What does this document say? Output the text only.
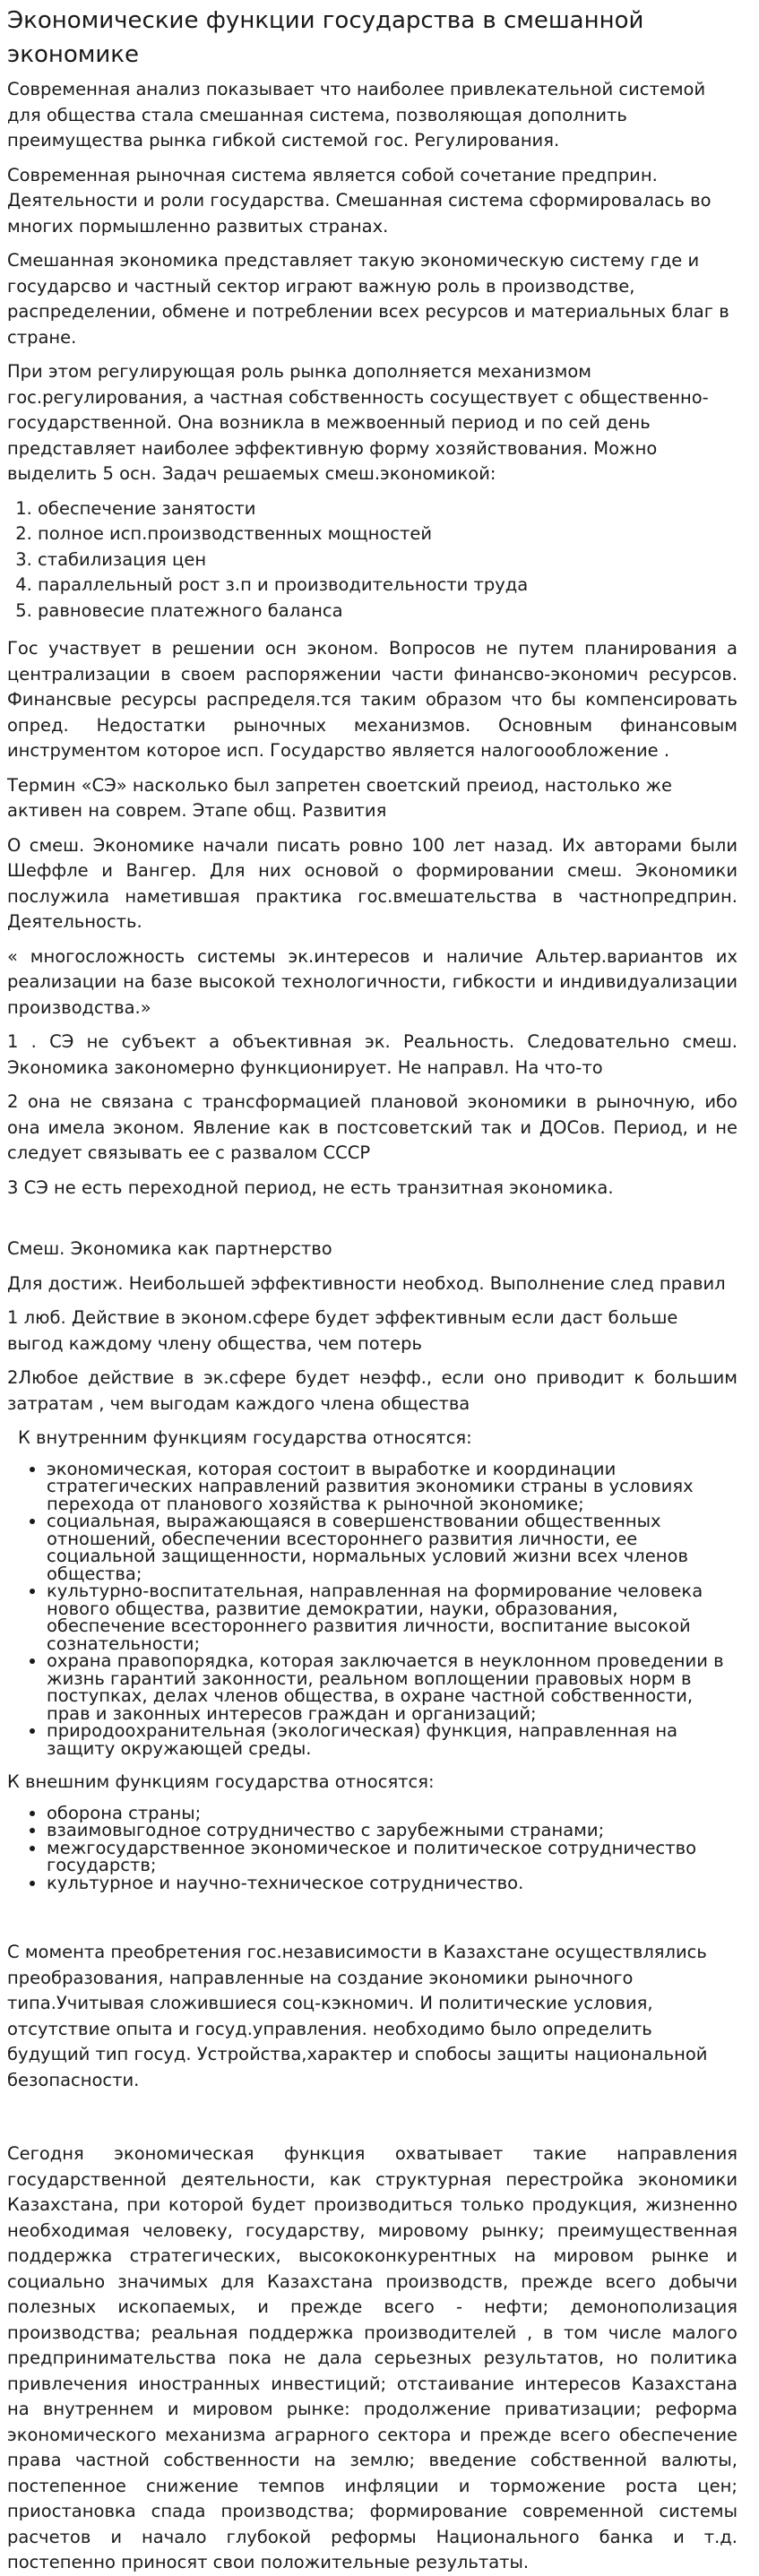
Экономические функции государства в смешанной экономике

Современная анализ показывает что наиболее привлекательной системой для общества стала смешанная система, позволяющая дополнить преимущества рынка гибкой системой гос. Регулирования.

Современная рыночная система является собой сочетание предприн. Деятельности и роли государства. Смешанная система сформировалась во многих пормышленно развитых странах.

Смешанная экономика представляет такую экономическую систему где и государсво и частный сектор играют важную роль в производстве, распределении, обмене и потреблении всех ресурсов и материальных благ в стране.

При этом регулирующая роль рынка дополняется механизмом гос.регулирования, а частная собственность сосуществует с общественно-государственной. Она возникла в межвоенный период и по сей день представляет наиболее эффективную форму хозяйствования. Можно выделить 5 осн. Задач решаемых смеш.экономикой:

1. обеспечение занятости
2. полное исп.производственных мощностей
3. стабилизация цен
4. параллельный рост з.п и производительности труда
5. равновесие платежного баланса

Гос участвует в решении осн эконом. Вопросов не путем планирования а централизации в своем распоряжении части финансво-экономич ресурсов. Финансвые ресурсы распределя.тся таким образом что бы компенсировать опред. Недостатки рыночных механизмов. Основным финансовым инструментом которое исп. Государство является налогоообложение .

Термин «СЭ» насколько был запретен своетский преиод, настолько же активен на соврем. Этапе общ. Развития

О смеш. Экономике начали писать ровно 100 лет назад. Их авторами были Шеффле и Вангер. Для них основой о формировании смеш. Экономики послужила наметившая практика гос.вмешательства в частнопредприн. Деятельность.

« многосложность системы эк.интересов и наличие Альтер.вариантов их реализации на базе высокой технологичности, гибкости и индивидуализации производства.»

1 . СЭ не субъект а объективная эк. Реальность. Следовательно смеш. Экономика закономерно функционирует. Не направл. На что-то

2 она не связана с трансформацией плановой экономики в рыночную, ибо она имела эконом. Явление как в постсоветский так и ДОСов. Период, и не следует связывать ее с развалом СССР

3 СЭ не есть переходной период, не есть транзитная экономика.

Смеш. Экономика как партнерство

Для достиж. Неибольшей эффективности необход. Выполнение след правил

1 люб. Действие в эконом.сфере будет эффективным если даст больше выгод каждому члену общества, чем потерь

2Любое действие в эк.сфере будет неэфф., если оно приводит к большим затратам , чем выгодам каждого члена общества

К внутренним функциям государства относятся:

• экономическая, которая состоит в выработке и координации стратегических направлений развития экономики страны в условиях перехода от планового хозяйства к рыночной экономике;
• социальная, выражающаяся в совершенствовании общественных отношений, обеспечении всестороннего развития личности, ее социальной защищенности, нормальных условий жизни всех членов общества;
• культурно-воспитательная, направленная на формирование человека нового общества, развитие демократии, науки, образования, обеспечение всестороннего развития личности, воспитание высокой сознательности;
• охрана правопорядка, которая заключается в неуклонном проведении в жизнь гарантий законности, реальном воплощении правовых норм в поступках, делах членов общества, в охране частной собственности, прав и законных интересов граждан и организаций;
• природоохранительная (экологическая) функция, направленная на защиту окружающей среды.

К внешним функциям государства относятся:

• оборона страны;
• взаимовыгодное сотрудничество с зарубежными странами;
• межгосударственное экономическое и политическое сотрудничество государств;
• культурное и научно-техническое сотрудничество.

С момента преобретения гос.независимости в Казахстане осуществлялись преобразования, направленные на создание экономики рыночного типа.Учитывая сложившиеся соц-кэкномич. И политические условия, отсутствие опыта и госуд.управления. необходимо было определить будущий тип госуд. Устройства,характер и спобосы защиты национальной безопасности.

Сегодня экономическая функция охватывает такие направления государственной деятельности, как структурная перестройка экономики Казахстана, при которой будет производиться только продукция, жизненно необходимая человеку, государству, мировому рынку; преимущественная поддержка стратегических, высококонкурентных на мировом рынке и социально значимых для Казахстана производств, прежде всего добычи полезных ископаемых, и прежде всего - нефти; демонополизация производства; реальная поддержка производителей , в том числе малого предпринимательства пока не дала серьезных результатов, но политика привлечения иностранных инвестиций; отстаивание интересов Казахстана на внутреннем и мировом рынке: продолжение приватизации; реформа экономического механизма аграрного сектора и прежде всего обеспечение права частной собственности на землю; введение собственной валюты, постепенное снижение темпов инфляции и торможение роста цен; приостановка спада производства; формирование современной системы расчетов и начало глубокой реформы Национального банка и т.д. постепенно приносят свои положительные результаты.
